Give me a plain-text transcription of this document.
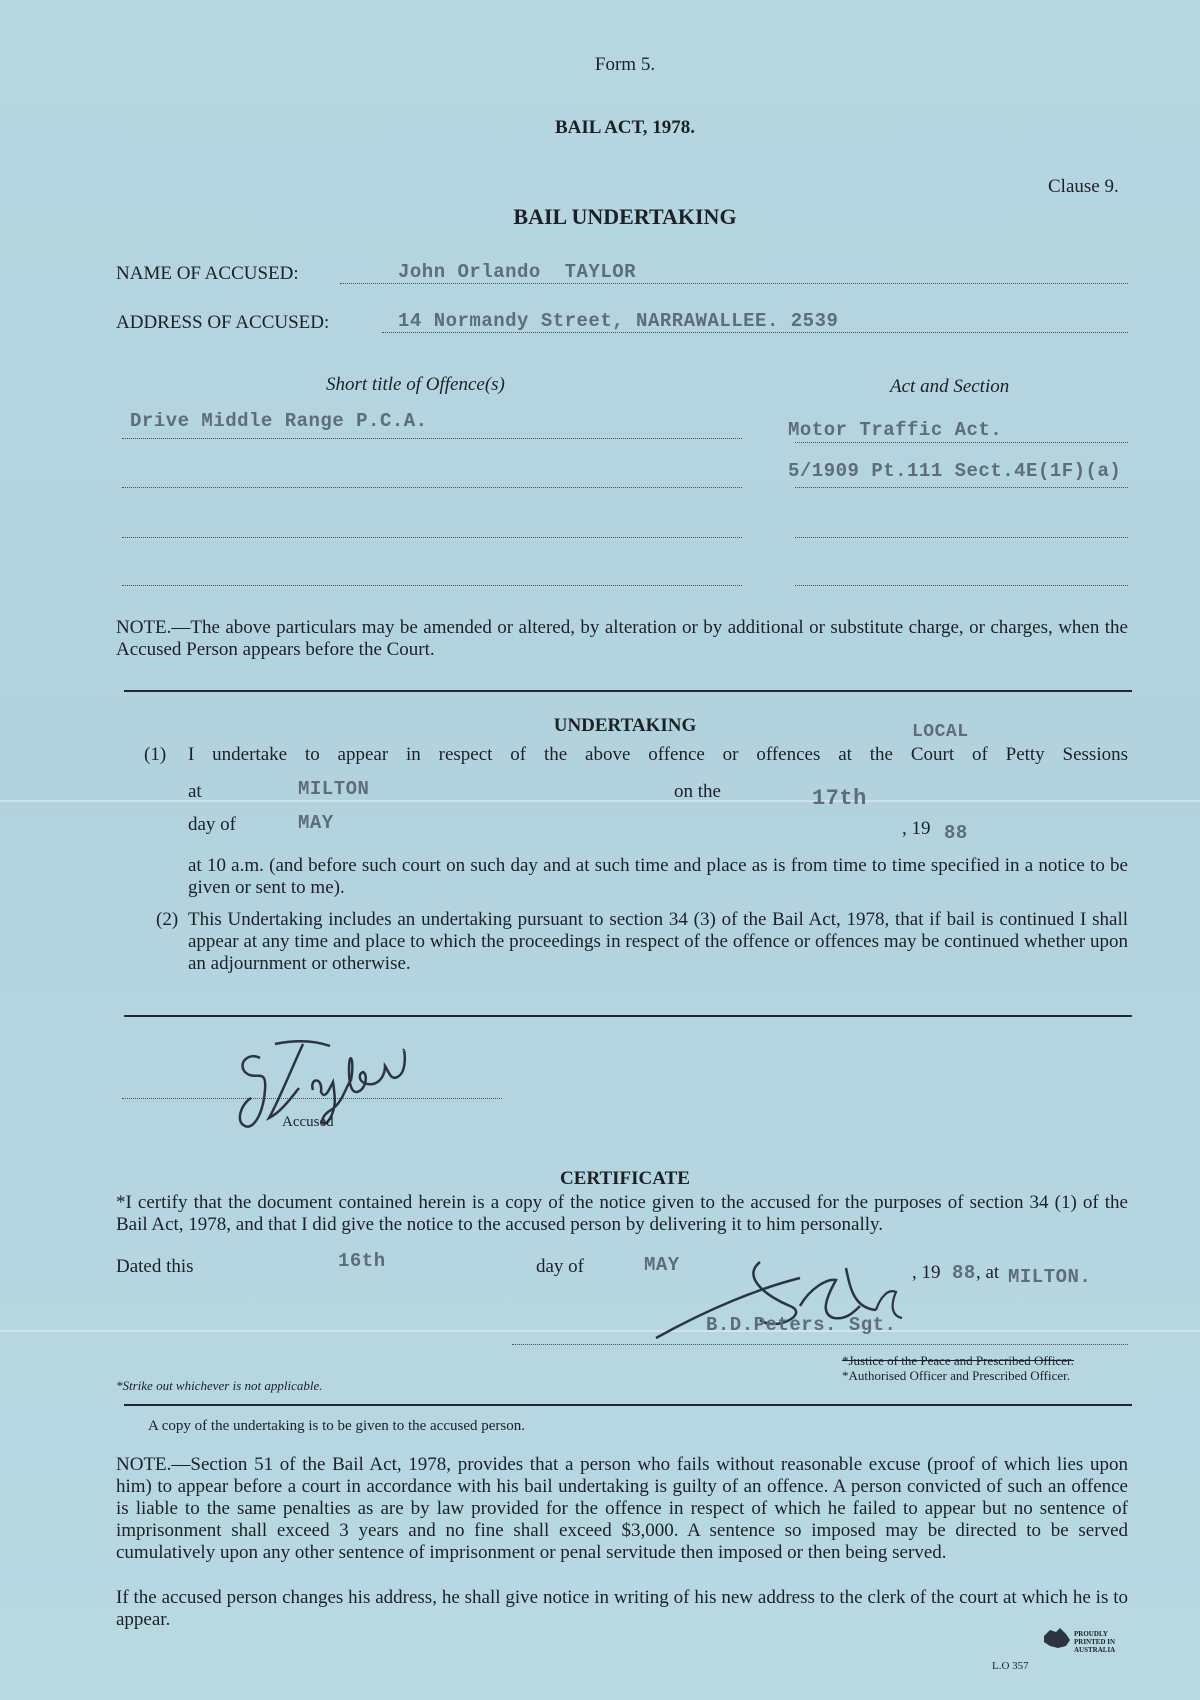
Form 5.
BAIL ACT, 1978.
Clause 9.
BAIL UNDERTAKING
NAME OF ACCUSED:	John Orlando  TAYLOR
ADDRESS OF ACCUSED:	14 Normandy Street, NARRAWALLEE. 2539
Short title of Offence(s)	Act and Section
Drive Middle Range P.C.A.	Motor Traffic Act.
5/1909 Pt.111 Sect.4E(1F)(a)
NOTE.—The above particulars may be amended or altered, by alteration or by additional or substitute charge, or charges, when the Accused Person appears before the Court.
UNDERTAKING
(1) I undertake to appear in respect of the above offence or offences at the Court of Petty Sessions
LOCAL
at	MILTON	on the	17th
day of	MAY	, 19 88
at 10 a.m. (and before such court on such day and at such time and place as is from time to time specified in a notice to be given or sent to me).
(2) This Undertaking includes an undertaking pursuant to section 34 (3) of the Bail Act, 1978, that if bail is continued I shall appear at any time and place to which the proceedings in respect of the offence or offences may be continued whether upon an adjournment or otherwise.
Accused
CERTIFICATE
*I certify that the document contained herein is a copy of the notice given to the accused for the purposes of section 34 (1) of the Bail Act, 1978, and that I did give the notice to the accused person by delivering it to him personally.
Dated this	16th	day of	MAY	, 19 88 , at MILTON.
B.D.Peters. Sgt.
*Justice of the Peace and Prescribed Officer.
*Authorised Officer and Prescribed Officer.
*Strike out whichever is not applicable.
A copy of the undertaking is to be given to the accused person.
NOTE.—Section 51 of the Bail Act, 1978, provides that a person who fails without reasonable excuse (proof of which lies upon him) to appear before a court in accordance with his bail undertaking is guilty of an offence. A person convicted of such an offence is liable to the same penalties as are by law provided for the offence in respect of which he failed to appear but no sentence of imprisonment shall exceed 3 years and no fine shall exceed $3,000. A sentence so imposed may be directed to be served cumulatively upon any other sentence of imprisonment or penal servitude then imposed or then being served.
If the accused person changes his address, he shall give notice in writing of his new address to the clerk of the court at which he is to appear.
PROUDLY PRINTED IN AUSTRALIA
L.O 357
